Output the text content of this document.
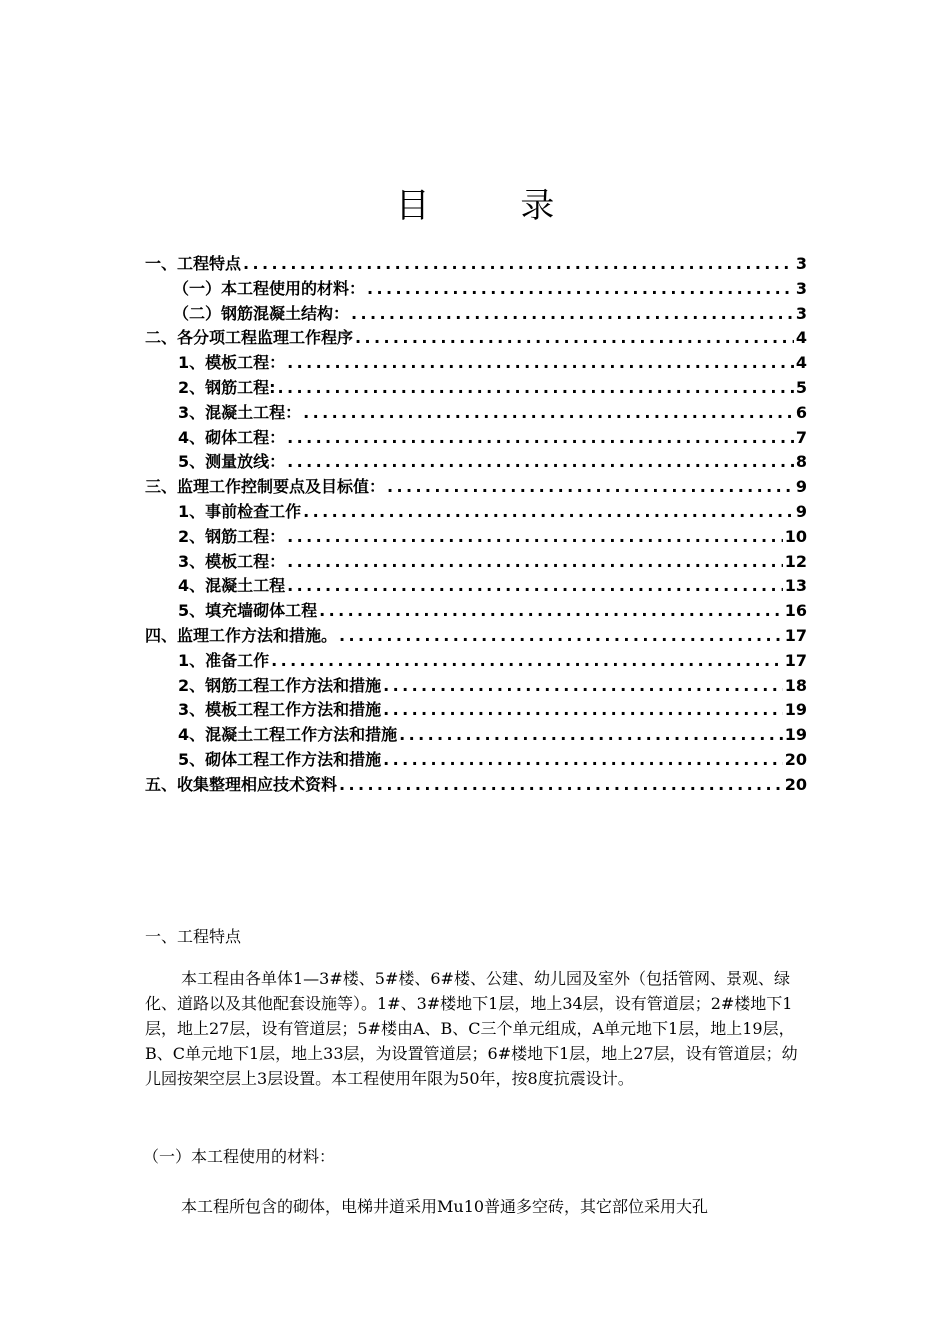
目 录
一、工程特点 .....	3
（一）本工程使用的材料： .....	3
（二）钢筋混凝土结构： .....	3
二、各分项工程监理工作程序 .....	4
1、模板工程： .....	4
2、钢筋工程: .....	5
3、混凝土工程： .....	6
4、砌体工程： .....	7
5、测量放线： .....	8
三、监理工作控制要点及目标值： .....	9
1、事前检查工作 .....	9
2、钢筋工程： .....	10
3、模板工程： .....	12
4、混凝土工程 .....	13
5、填充墙砌体工程 .....	16
四、监理工作方法和措施。 .....	17
1、准备工作 .....	17
2、钢筋工程工作方法和措施 .....	18
3、模板工程工作方法和措施 .....	19
4、混凝土工程工作方法和措施 .....	19
5、砌体工程工作方法和措施 .....	20
五、收集整理相应技术资料 .....	20
一、工程特点
本工程由各单体1—3#楼、5#楼、6#楼、公建、幼儿园及室外（包括管网、景观、绿化、道路以及其他配套设施等）。1#、3#楼地下1层，地上34层，设有管道层；2#楼地下1层，地上27层，设有管道层；5#楼由A、B、C三个单元组成，A单元地下1层，地上19层，B、C单元地下1层，地上33层，为设置管道层；6#楼地下1层，地上27层，设有管道层；幼儿园按架空层上3层设置。本工程使用年限为50年，按8度抗震设计。
（一）本工程使用的材料：
本工程所包含的砌体，电梯井道采用Mu10普通多空砖，其它部位采用大孔
